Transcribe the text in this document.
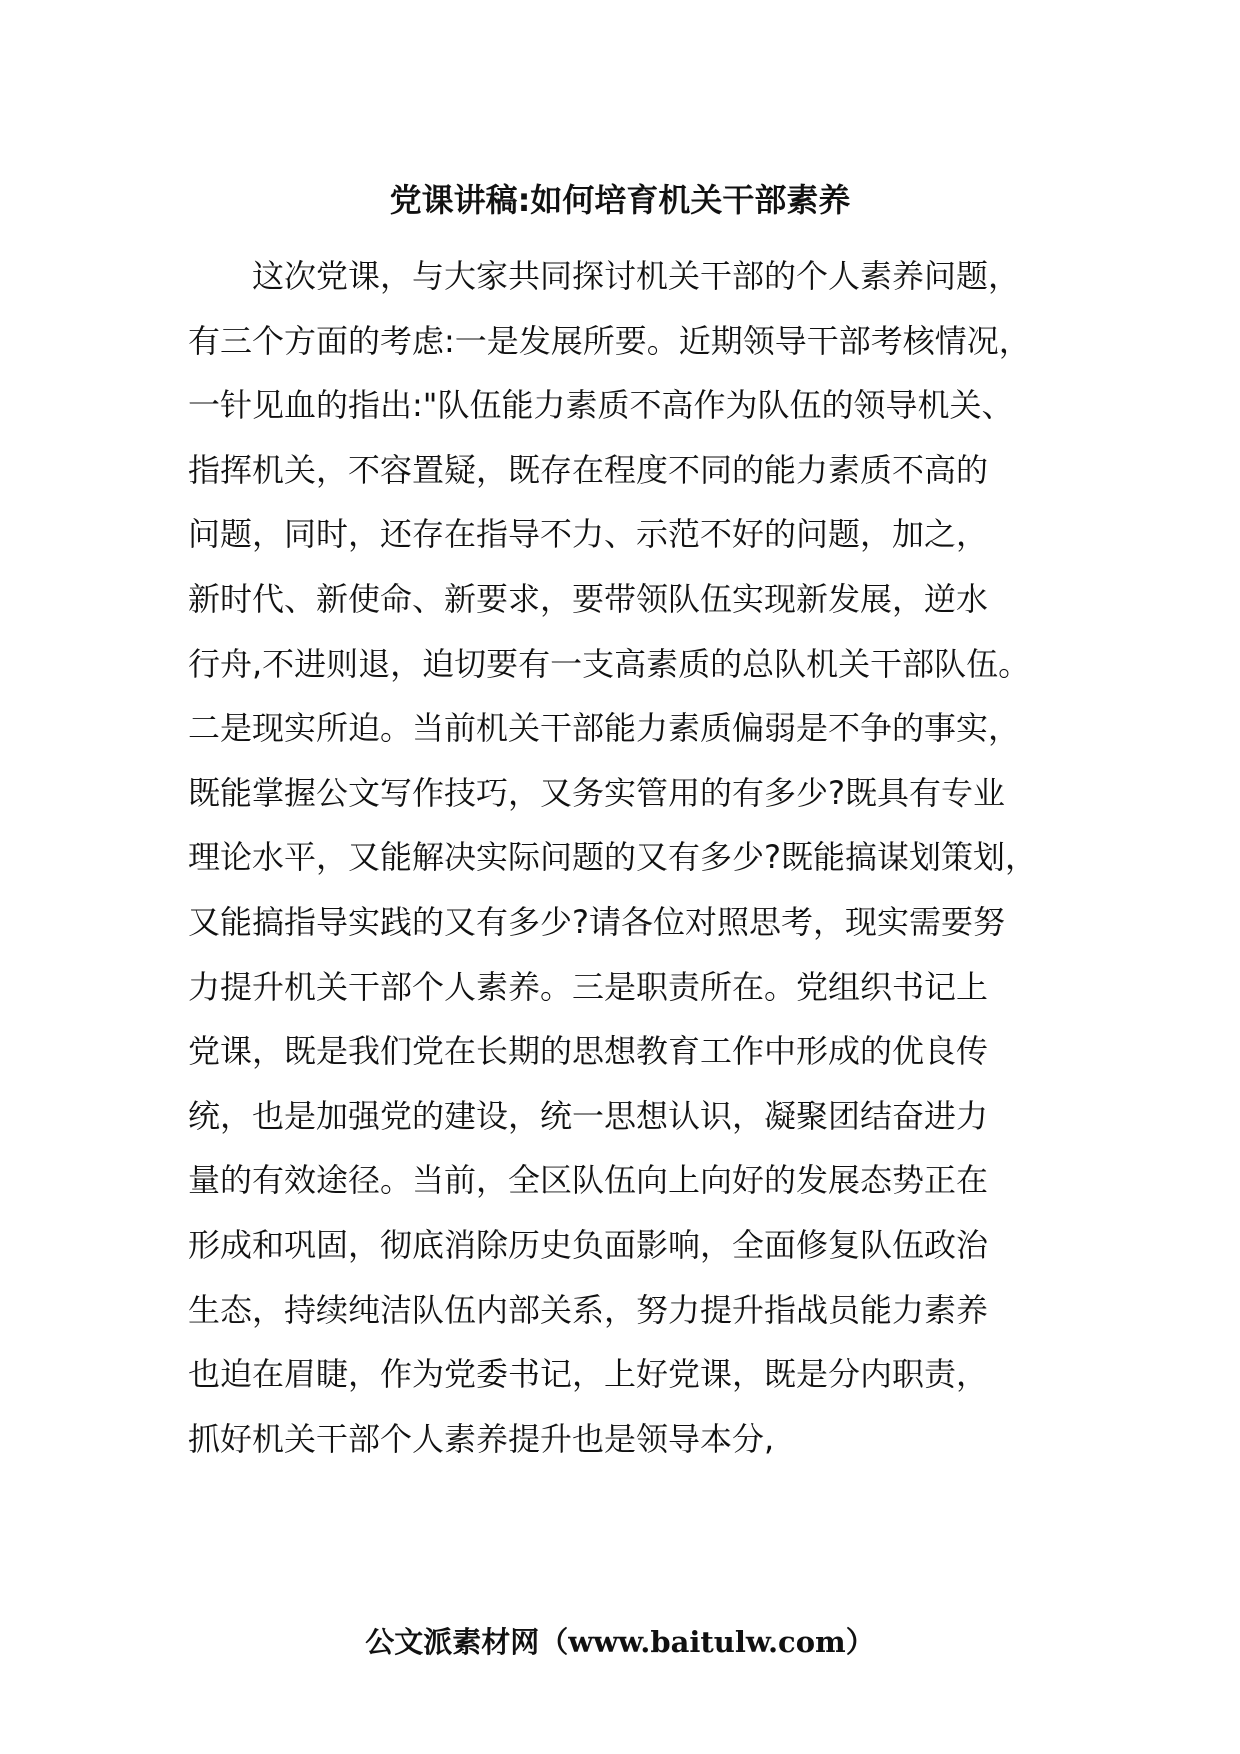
党课讲稿:如何培育机关干部素养
　　这次党课，与大家共同探讨机关干部的个人素养问题，
有三个方面的考虑:一是发展所要。近期领导干部考核情况，
一针见血的指出:"队伍能力素质不高作为队伍的领导机关、
指挥机关，不容置疑，既存在程度不同的能力素质不高的
问题，同时，还存在指导不力、示范不好的问题，加之，
新时代、新使命、新要求，要带领队伍实现新发展，逆水
行舟,不进则退，迫切要有一支高素质的总队机关干部队伍。
二是现实所迫。当前机关干部能力素质偏弱是不争的事实，
既能掌握公文写作技巧，又务实管用的有多少?既具有专业
理论水平，又能解决实际问题的又有多少?既能搞谋划策划，
又能搞指导实践的又有多少?请各位对照思考，现实需要努
力提升机关干部个人素养。三是职责所在。党组织书记上
党课，既是我们党在长期的思想教育工作中形成的优良传
统，也是加强党的建设，统一思想认识，凝聚团结奋进力
量的有效途径。当前，全区队伍向上向好的发展态势正在
形成和巩固，彻底消除历史负面影响，全面修复队伍政治
生态，持续纯洁队伍内部关系，努力提升指战员能力素养
也迫在眉睫，作为党委书记，上好党课，既是分内职责，
抓好机关干部个人素养提升也是领导本分,

公文派素材网（www.baitulw.com）
